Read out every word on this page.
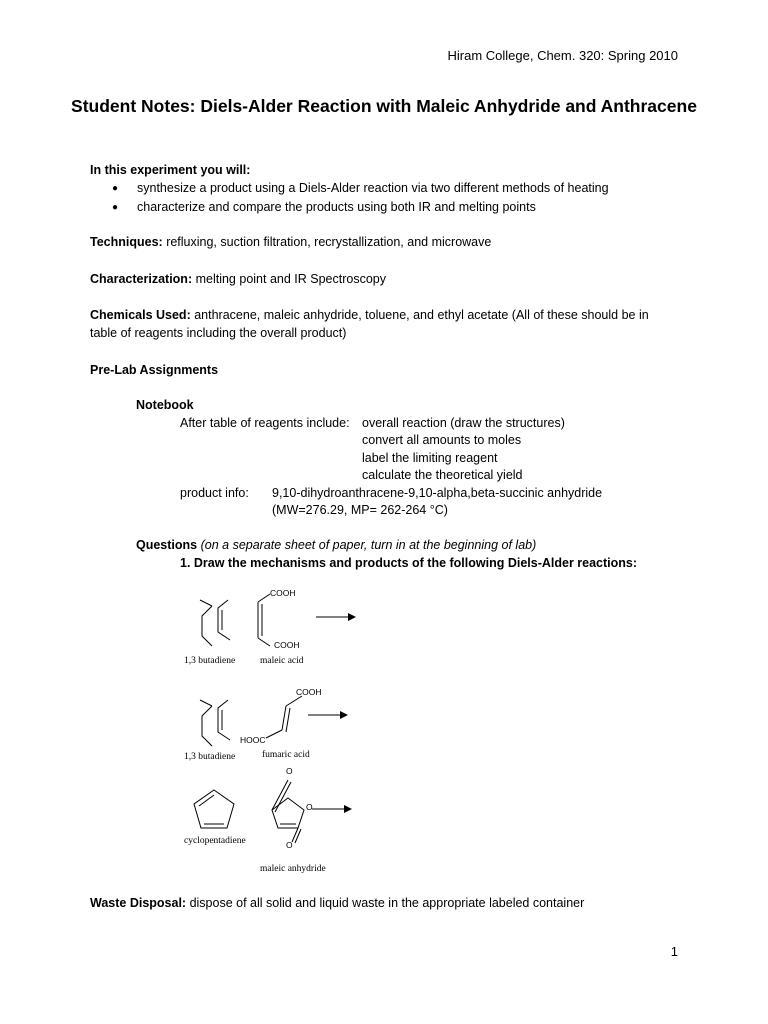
Hiram College, Chem. 320: Spring 2010
Student Notes: Diels-Alder Reaction with Maleic Anhydride and Anthracene
In this experiment you will:
● synthesize a product using a Diels-Alder reaction via two different methods of heating
● characterize and compare the products using both IR and melting points
Techniques: refluxing, suction filtration, recrystallization, and microwave
Characterization: melting point and IR Spectroscopy
Chemicals Used: anthracene, maleic anhydride, toluene, and ethyl acetate (All of these should be in
table of reagents including the overall product)
Pre-Lab Assignments
Notebook
After table of reagents include: overall reaction (draw the structures)
convert all amounts to moles
label the limiting reagent
calculate the theoretical yield
product info: 9,10-dihydroanthracene-9,10-alpha,beta-succinic anhydride
(MW=276.29, MP= 262-264 °C)
Questions (on a separate sheet of paper, turn in at the beginning of lab)
1. Draw the mechanisms and products of the following Diels-Alder reactions:
COOH
COOH
1,3 butadiene	maleic acid
COOH
HOOC
1,3 butadiene	fumaric acid
O
O
O
cyclopentadiene
maleic anhydride
Waste Disposal: dispose of all solid and liquid waste in the appropriate labeled container
1
